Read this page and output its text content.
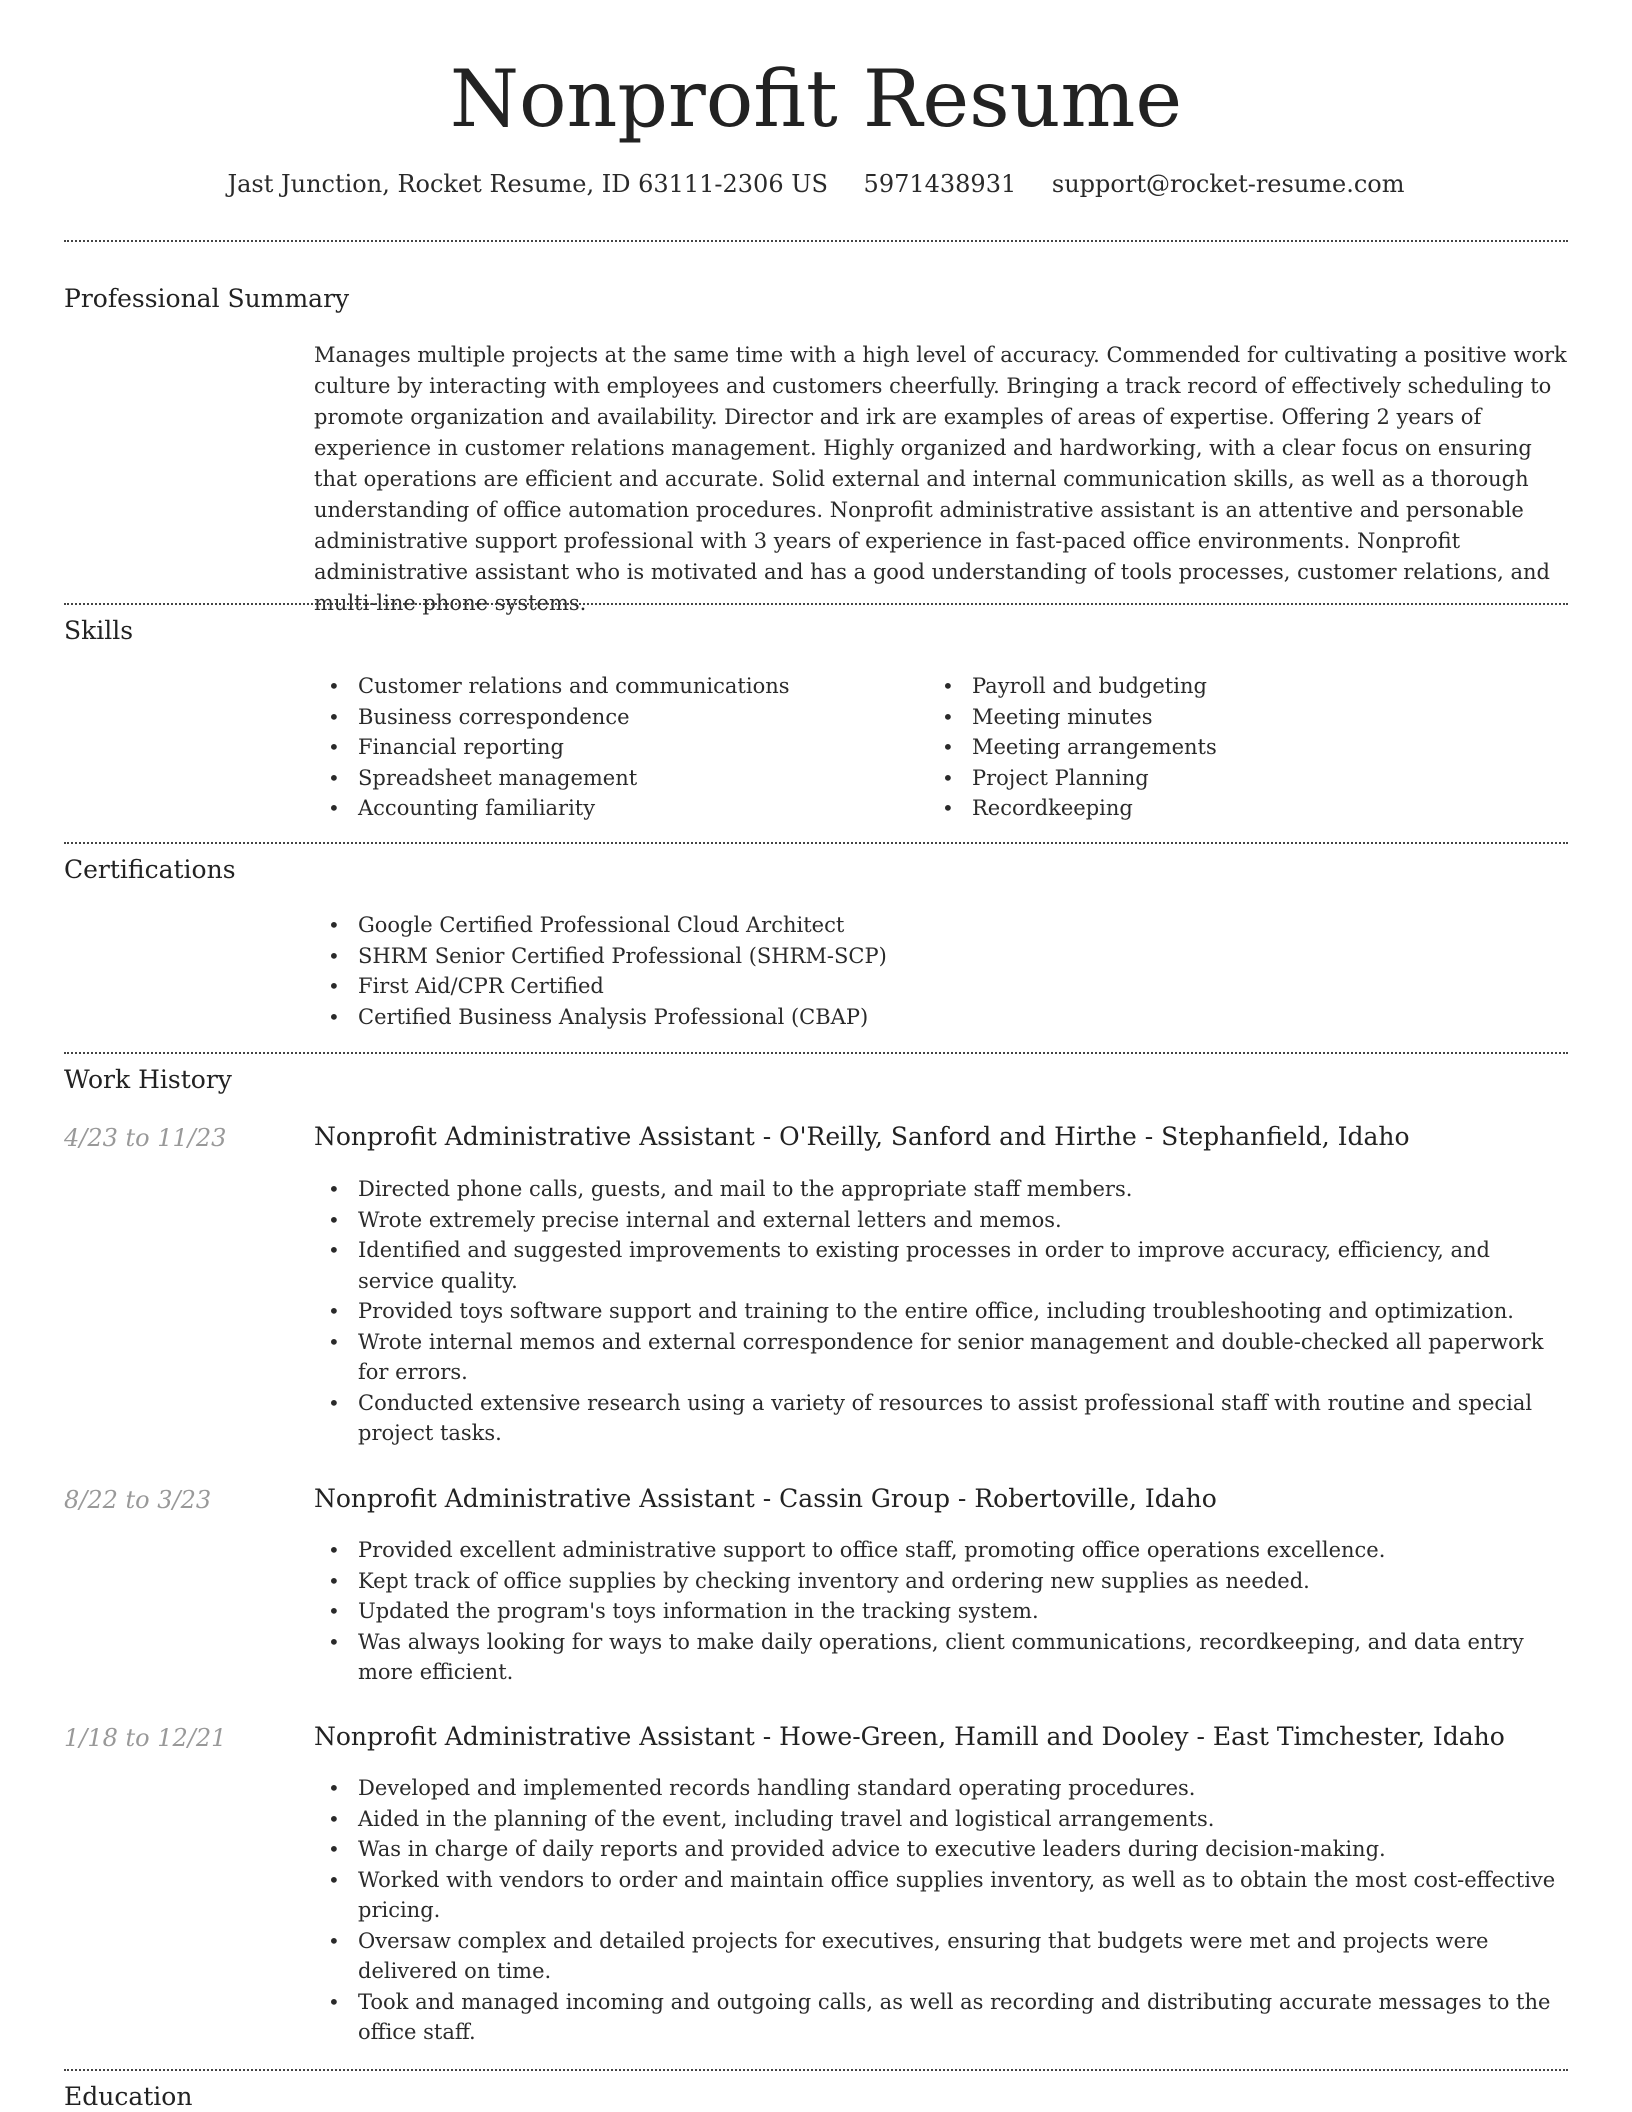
Nonprofit Resume
Jast Junction, Rocket Resume, ID 63111-2306 US 5971438931 support@rocket-resume.com
Professional Summary

Manages multiple projects at the same time with a high level of accuracy. Commended for cultivating a positive work culture by interacting with employees and customers cheerfully. Bringing a track record of effectively scheduling to promote organization and availability. Director and irk are examples of areas of expertise. Offering 2 years of experience in customer relations management. Highly organized and hardworking, with a clear focus on ensuring that operations are efficient and accurate. Solid external and internal communication skills, as well as a thorough understanding of office automation procedures. Nonprofit administrative assistant is an attentive and personable administrative support professional with 3 years of experience in fast-paced office environments. Nonprofit administrative assistant who is motivated and has a good understanding of tools processes, customer relations, and multi-line phone systems.

Skills
• Customer relations and communications
• Business correspondence
• Financial reporting
• Spreadsheet management
• Accounting familiarity
• Payroll and budgeting
• Meeting minutes
• Meeting arrangements
• Project Planning
• Recordkeeping
Certifications
• Google Certified Professional Cloud Architect
• SHRM Senior Certified Professional (SHRM-SCP)
• First Aid/CPR Certified
• Certified Business Analysis Professional (CBAP)
Work History
4/23 to 11/23	Nonprofit Administrative Assistant - O'Reilly, Sanford and Hirthe - Stephanfield, Idaho
• Directed phone calls, guests, and mail to the appropriate staff members.
• Wrote extremely precise internal and external letters and memos.
• Identified and suggested improvements to existing processes in order to improve accuracy, efficiency, and service quality.
• Provided toys software support and training to the entire office, including troubleshooting and optimization.
• Wrote internal memos and external correspondence for senior management and double-checked all paperwork for errors.
• Conducted extensive research using a variety of resources to assist professional staff with routine and special project tasks.
8/22 to 3/23	Nonprofit Administrative Assistant - Cassin Group - Robertoville, Idaho
• Provided excellent administrative support to office staff, promoting office operations excellence.
• Kept track of office supplies by checking inventory and ordering new supplies as needed.
• Updated the program's toys information in the tracking system.
• Was always looking for ways to make daily operations, client communications, recordkeeping, and data entry more efficient.
1/18 to 12/21	Nonprofit Administrative Assistant - Howe-Green, Hamill and Dooley - East Timchester, Idaho
• Developed and implemented records handling standard operating procedures.
• Aided in the planning of the event, including travel and logistical arrangements.
• Was in charge of daily reports and provided advice to executive leaders during decision-making.
• Worked with vendors to order and maintain office supplies inventory, as well as to obtain the most cost-effective pricing.
• Oversaw complex and detailed projects for executives, ensuring that budgets were met and projects were delivered on time.
• Took and managed incoming and outgoing calls, as well as recording and distributing accurate messages to the office staff.
Education
